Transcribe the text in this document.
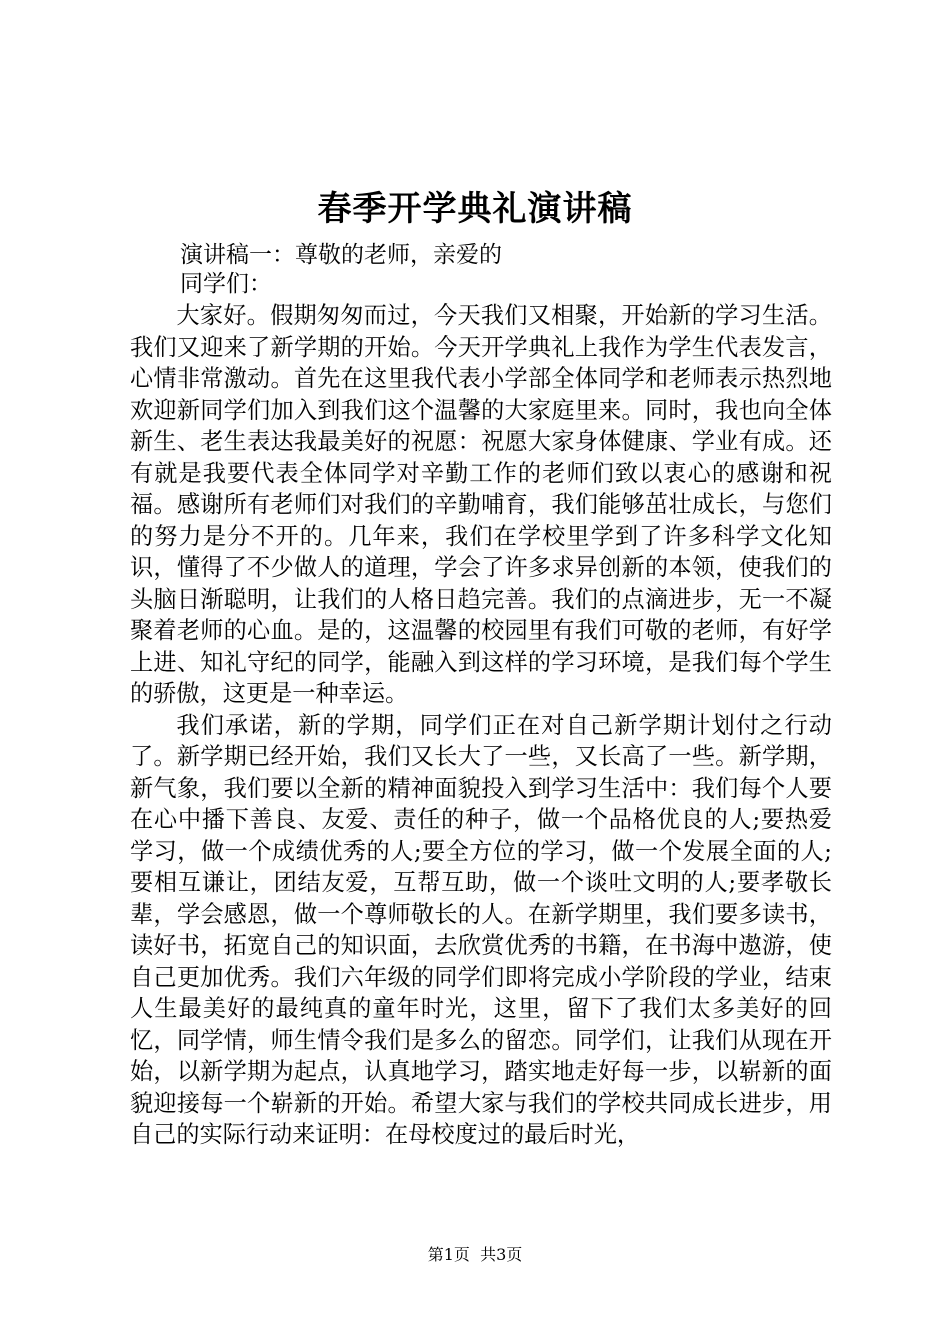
春季开学典礼演讲稿
演讲稿一：尊敬的老师，亲爱的
同学们：

大家好。假期匆匆而过，今天我们又相聚，开始新的学习生活。我们又迎来了新学期的开始。今天开学典礼上我作为学生代表发言，心情非常激动。首先在这里我代表小学部全体同学和老师表示热烈地欢迎新同学们加入到我们这个温馨的大家庭里来。同时，我也向全体新生、老生表达我最美好的祝愿：祝愿大家身体健康、学业有成。还有就是我要代表全体同学对辛勤工作的老师们致以衷心的感谢和祝福。感谢所有老师们对我们的辛勤哺育，我们能够茁壮成长，与您们的努力是分不开的。几年来，我们在学校里学到了许多科学文化知识，懂得了不少做人的道理，学会了许多求异创新的本领，使我们的头脑日渐聪明，让我们的人格日趋完善。我们的点滴进步，无一不凝聚着老师的心血。是的，这温馨的校园里有我们可敬的老师，有好学上进、知礼守纪的同学，能融入到这样的学习环境，是我们每个学生的骄傲，这更是一种幸运。

我们承诺，新的学期，同学们正在对自己新学期计划付之行动了。新学期已经开始，我们又长大了一些，又长高了一些。新学期，新气象，我们要以全新的精神面貌投入到学习生活中：我们每个人要在心中播下善良、友爱、责任的种子，做一个品格优良的人;要热爱学习，做一个成绩优秀的人;要全方位的学习，做一个发展全面的人;要相互谦让，团结友爱，互帮互助，做一个谈吐文明的人;要孝敬长辈，学会感恩，做一个尊师敬长的人。在新学期里，我们要多读书，读好书，拓宽自己的知识面，去欣赏优秀的书籍，在书海中遨游，使自己更加优秀。我们六年级的同学们即将完成小学阶段的学业，结束人生最美好的最纯真的童年时光，这里，留下了我们太多美好的回忆，同学情，师生情令我们是多么的留恋。同学们，让我们从现在开始，以新学期为起点，认真地学习，踏实地走好每一步，以崭新的面貌迎接每一个崭新的开始。希望大家与我们的学校共同成长进步，用自己的实际行动来证明：在母校度过的最后时光，

第1页  共3页
